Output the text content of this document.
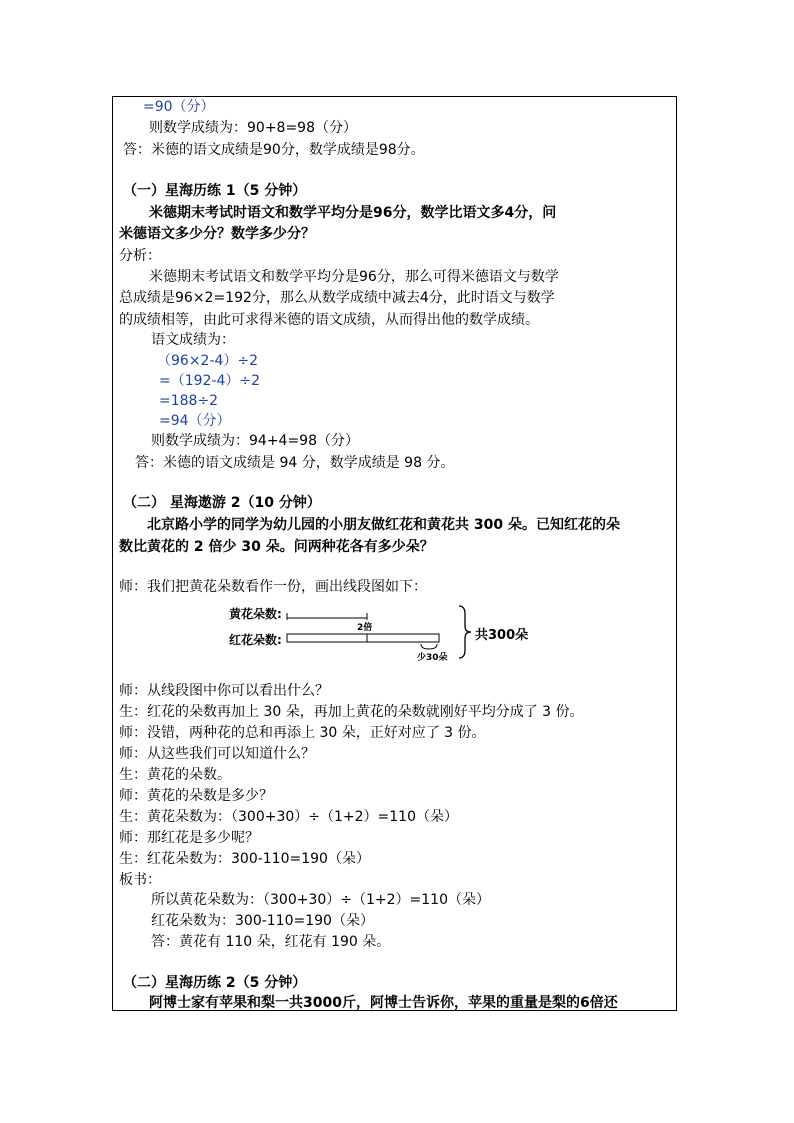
=90（分）
则数学成绩为：90+8=98（分）
答：米德的语文成绩是90分，数学成绩是98分。
（一）星海历练 1（5 分钟）
米德期末考试时语文和数学平均分是96分，数学比语文多4分，问
米德语文多少分？数学多少分？
分析：
米德期末考试语文和数学平均分是96分，那么可得米德语文与数学
总成绩是96×2=192分，那么从数学成绩中减去4分，此时语文与数学
的成绩相等，由此可求得米德的语文成绩，从而得出他的数学成绩。
语文成绩为：
（96×2-4）÷2
=（192-4）÷2
=188÷2
=94（分）
则数学成绩为：94+4=98（分）
答：米德的语文成绩是 94 分，数学成绩是 98 分。
（二） 星海遨游 2（10 分钟）
北京路小学的同学为幼儿园的小朋友做红花和黄花共 300 朵。已知红花的朵
数比黄花的 2 倍少 30 朵。问两种花各有多少朵？
师：我们把黄花朵数看作一份，画出线段图如下：
黄花朵数:
红花朵数:
2倍
少30朵
共300朵
师：从线段图中你可以看出什么？
生：红花的朵数再加上 30 朵，再加上黄花的朵数就刚好平均分成了 3 份。
师：没错，两种花的总和再添上 30 朵，正好对应了 3 份。
师：从这些我们可以知道什么？
生：黄花的朵数。
师：黄花的朵数是多少？
生：黄花朵数为：（300+30）÷（1+2）=110（朵）
师：那红花是多少呢？
生：红花朵数为：300-110=190（朵）
板书：
所以黄花朵数为：（300+30）÷（1+2）=110（朵）
红花朵数为：300-110=190（朵）
答：黄花有 110 朵，红花有 190 朵。
（二）星海历练 2（5 分钟）
阿博士家有苹果和梨一共3000斤，阿博士告诉你，苹果的重量是梨的6倍还
